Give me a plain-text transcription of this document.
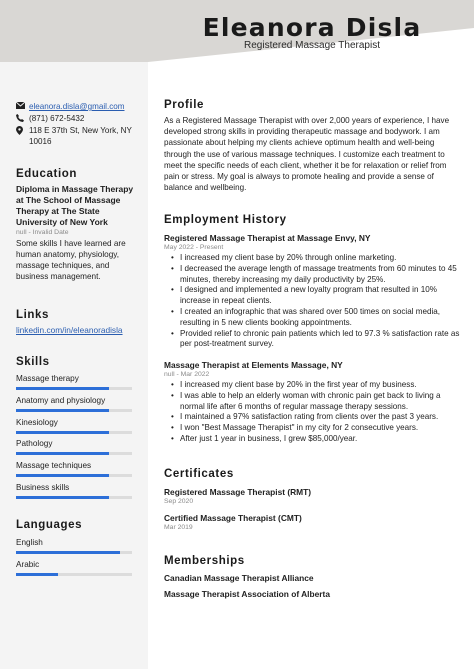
Eleanora Disla
Registered Massage Therapist
eleanora.disla@gmail.com
(871) 672-5432
118 E 37th St, New York, NY 10016
Education
Diploma in Massage Therapy at The School of Massage Therapy at The State University of New York
null - Invalid Date
Some skills I have learned are human anatomy, physiology, massage techniques, and business management.
Links
linkedin.com/in/eleanoradisla
Skills
Massage therapy
Anatomy and physiology
Kinesiology
Pathology
Massage techniques
Business skills
Languages
English
Arabic
Profile
As a Registered Massage Therapist with over 2,000 years of experience, I have developed strong skills in providing therapeutic massage and bodywork. I am passionate about helping my clients achieve optimum health and well-being through the use of various massage techniques. I customize each treatment to meet the specific needs of each client, whether it be for relaxation or relief from pain or stress. My goal is always to promote healing and provide a sense of balance and wellbeing.
Employment History
Registered Massage Therapist at Massage Envy, NY
May 2022 - Present
• I increased my client base by 20% through online marketing.
• I decreased the average length of massage treatments from 60 minutes to 45 minutes, thereby increasing my daily productivity by 25%.
• I designed and implemented a new loyalty program that resulted in 10% increase in repeat clients.
• I created an infographic that was shared over 500 times on social media, resulting in 5 new clients booking appointments.
• Provided relief to chronic pain patients which led to 97.3 % satisfaction rate as per post-treatment survey.
Massage Therapist at Elements Massage, NY
null - Mar 2022
• I increased my client base by 20% in the first year of my business.
• I was able to help an elderly woman with chronic pain get back to living a normal life after 6 months of regular massage therapy sessions.
• I maintained a 97% satisfaction rating from clients over the past 3 years.
• I won "Best Massage Therapist" in my city for 2 consecutive years.
• After just 1 year in business, I grew $85,000/year.
Certificates
Registered Massage Therapist (RMT)
Sep 2020
Certified Massage Therapist (CMT)
Mar 2019
Memberships
Canadian Massage Therapist Alliance
Massage Therapist Association of Alberta
